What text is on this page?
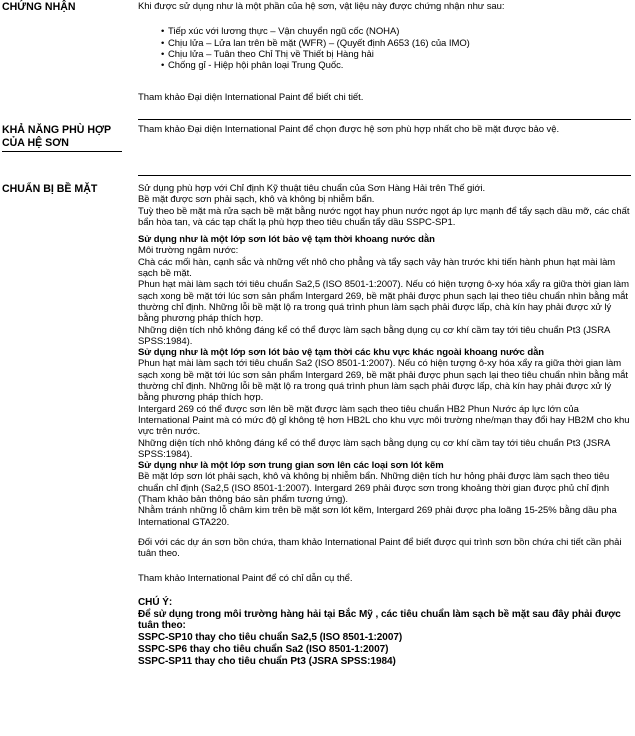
CHỨNG NHẬN	Khi được sử dụng như là một phần của hệ sơn, vật liệu này được chứng nhận như sau:

• Tiếp xúc với lương thực – Vận chuyển ngũ cốc (NOHA)
• Chịu lửa – Lửa lan trên bề mặt (WFR) – (Quyết định A653 (16) của IMO)
• Chịu lửa – Tuân theo Chỉ Thị về Thiết bị Hàng hải
• Chống gỉ - Hiệp hội phân loại Trung Quốc.

Tham khảo Đại diện International Paint để biết chi tiết.

KHẢ NĂNG PHÙ HỢP
CỦA HỆ SƠN

Tham khảo Đại diện International Paint để chọn được hệ sơn phù hợp nhất cho bề mặt được bảo vệ.

CHUẨN BỊ BỀ MẶT	Sử dụng phù hợp với Chỉ định Kỹ thuật tiêu chuẩn của Sơn Hàng Hải trên Thế giới.

Bề mặt được sơn phải sạch, khô và không bị nhiễm bẩn.

Tuỳ theo bề mặt mà rửa sạch bề mặt bằng nước ngọt hay phun nước ngọt áp lực mạnh để tẩy sạch dầu mỡ, các chất bẩn hòa tan, và các tạp chất lạ phù hợp theo tiêu chuẩn tẩy dầu SSPC-SP1.

Sử dụng như là một lớp sơn lót bảo vệ tạm thời khoang nước dằn

Môi trường ngâm nước:

Chà các mối hàn, cạnh sắc và những vết nhô cho phẳng và tẩy sạch vảy hàn trước khi tiến hành phun hạt mài làm sạch bề mặt.

Phun hạt mài làm sạch tới tiêu chuẩn Sa2,5 (ISO 8501-1:2007). Nếu có hiện tượng ô-xy hóa xẩy ra giữa thời gian làm sạch xong bề mặt tới lúc sơn sản phẩm Intergard 269, bề mặt phải được phun sạch lại theo tiêu chuẩn nhìn bằng mắt thường chỉ định. Những lỗi bề mặt lộ ra trong quá trình phun làm sạch phải được lấp, chà kín hay phải được xử lý bằng phương pháp thích hợp.

Những diện tích nhỏ không đáng kể có thể được làm sạch bằng dụng cụ cơ khí cầm tay tới tiêu chuẩn Pt3 (JSRA SPSS:1984).

Sử dụng như là một lớp sơn lót bảo vệ tạm thời các khu vực khác ngoài khoang nước dằn

Phun hạt mài làm sạch tới tiêu chuẩn Sa2 (ISO 8501-1:2007). Nếu có hiện tượng ô-xy hóa xẩy ra giữa thời gian làm sạch xong bề mặt tới lúc sơn sản phẩm Intergard 269, bề mặt phải được phun sạch lại theo tiêu chuẩn nhìn bằng mắt thường chỉ định. Những lỗi bề mặt lộ ra trong quá trình phun làm sạch phải được lấp, chà kín hay phải được xử lý bằng phương pháp thích hợp.

Intergard 269 có thể được sơn lên bề mặt được làm sạch theo tiêu chuẩn HB2 Phun Nước áp lực lớn của International Paint mà có mức độ gỉ không tệ hơn HB2L cho khu vực môi trường nhe/mạn thay đổi hay HB2M cho khu vực trên nước.

Những diện tích nhỏ không đáng kể có thể được làm sạch bằng dụng cụ cơ khí cầm tay tới tiêu chuẩn Pt3 (JSRA SPSS:1984).

Sử dụng như là một lớp sơn trung gian sơn lên các loại sơn lót kẽm

Bề mặt lớp sơn lót phải sạch, khô và không bị nhiễm bẩn. Những diện tích hư hỏng phải được làm sạch theo tiêu chuẩn chỉ định (Sa2,5 (ISO 8501-1:2007). Intergard 269 phải được sơn trong khoảng thời gian được phủ chỉ định (Tham khảo bản thông báo sản phẩm tương ứng).

Nhằm tránh những lỗ châm kim trên bề mặt sơn lót kẽm, Intergard 269 phải được pha loãng 15-25% bằng dầu pha International GTA220.

Đối với các dự án sơn bồn chứa, tham khảo International Paint để biết được qui trình sơn bồn chứa chi tiết cần phải tuân theo.

Tham khảo International Paint để có chỉ dẫn cụ thể.

CHÚ Ý:

Để sử dụng trong môi trường hàng hải tại Bắc Mỹ , các tiêu chuẩn làm sạch bề mặt sau đây phải được tuân theo:

SSPC-SP10 thay cho tiêu chuẩn Sa2,5 (ISO 8501-1:2007)

SSPC-SP6 thay cho tiêu chuẩn Sa2 (ISO 8501-1:2007)

SSPC-SP11 thay cho tiêu chuẩn Pt3 (JSRA SPSS:1984)
